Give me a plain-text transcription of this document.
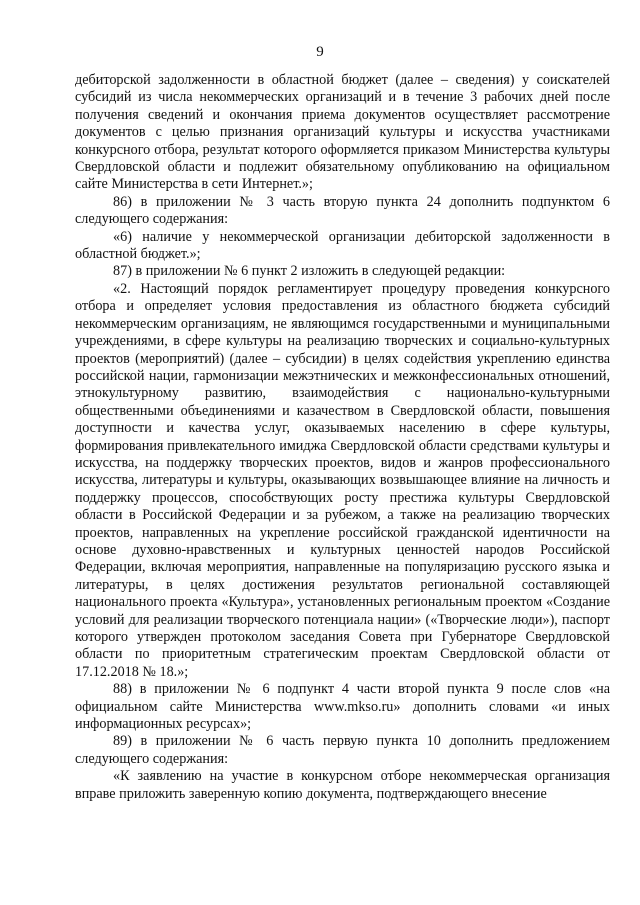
9

дебиторской задолженности в областной бюджет (далее – сведения) у соискателей субсидий из числа некоммерческих организаций и в течение 3 рабочих дней после получения сведений и окончания приема документов осуществляет рассмотрение документов с целью признания организаций культуры и искусства участниками конкурсного отбора, результат которого оформляется приказом Министерства культуры Свердловской области и подлежит обязательному опубликованию на официальном сайте Министерства в сети Интернет.»;

86) в приложении № 3 часть вторую пункта 24 дополнить подпунктом 6 следующего содержания:

«6) наличие у некоммерческой организации дебиторской задолженности в областной бюджет.»;

87) в приложении № 6 пункт 2 изложить в следующей редакции:

«2. Настоящий порядок регламентирует процедуру проведения конкурсного отбора и определяет условия предоставления из областного бюджета субсидий некоммерческим организациям, не являющимся государственными и муниципальными учреждениями, в сфере культуры на реализацию творческих и социально-культурных проектов (мероприятий) (далее – субсидии) в целях содействия укреплению единства российской нации, гармонизации межэтнических и межконфессиональных отношений, этнокультурному развитию, взаимодействия с национально-культурными общественными объединениями и казачеством в Свердловской области, повышения доступности и качества услуг, оказываемых населению в сфере культуры, формирования привлекательного имиджа Свердловской области средствами культуры и искусства, на поддержку творческих проектов, видов и жанров профессионального искусства, литературы и культуры, оказывающих возвышающее влияние на личность и поддержку процессов, способствующих росту престижа культуры Свердловской области в Российской Федерации и за рубежом, а также на реализацию творческих проектов, направленных на укрепление российской гражданской идентичности на основе духовно-нравственных и культурных ценностей народов Российской Федерации, включая мероприятия, направленные на популяризацию русского языка и литературы, в целях достижения результатов региональной составляющей национального проекта «Культура», установленных региональным проектом «Создание условий для реализации творческого потенциала нации» («Творческие люди»), паспорт которого утвержден протоколом заседания Совета при Губернаторе Свердловской области по приоритетным стратегическим проектам Свердловской области от 17.12.2018 № 18.»;

88) в приложении № 6 подпункт 4 части второй пункта 9 после слов «на официальном сайте Министерства www.mkso.ru» дополнить словами «и иных информационных ресурсах»;

89) в приложении № 6 часть первую пункта 10 дополнить предложением следующего содержания:

«К заявлению на участие в конкурсном отборе некоммерческая организация вправе приложить заверенную копию документа, подтверждающего внесение
